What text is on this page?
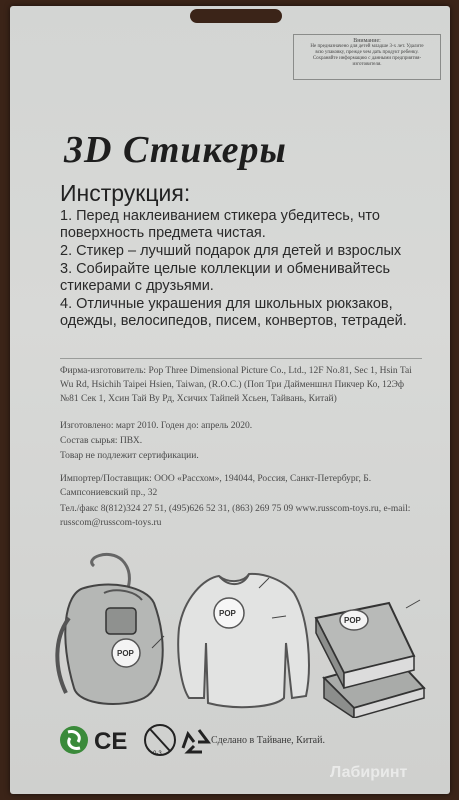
Внимание:
Не предназначено для детей младше 3-х лет. Удалите
всю упаковку, прежде чем дать продукт ребенку.
Сохраняйте информацию с данными предприятия-
изготовителя.
3D Стикеры
Инструкция:
1. Перед наклеиванием стикера убедитесь, что поверхность предмета чистая.
2. Стикер – лучший подарок для детей и взрослых
3. Собирайте целые коллекции и обменивайтесь стикерами с друзьями.
4. Отличные украшения для школьных рюкзаков, одежды, велосипедов, писем, конвертов, тетрадей.
Фирма-изготовитель: Pop Three Dimensional Picture Co., Ltd., 12F No.81, Sec 1, Hsin Tai Wu Rd, Hsichih Taipei Hsien, Taiwan, (R.O.C.) (Поп Три Дайменшнл Пикчер Ко, 12Эф №81 Сек 1, Хсин Тай Ву Рд, Хсичих Тайпей Хсьен, Тайвань, Китай)
Изготовлено: март 2010. Годен до: апрель 2020.
Состав сырья: ПВХ.
Товар не подлежит сертификации.
Импортер/Поставщик: ООО «Рассхом», 194044, Россия, Санкт-Петербург, Б. Сампсониевский пр., 32
Тел./факс 8(812)324 27 51, (495)626 52 31, (863) 269 75 09 www.russcom-toys.ru, e-mail: russcom@russcom-toys.ru
POP
POP
POP
CE	0-3
Сделано в Тайване, Китай.
Лабиринт
